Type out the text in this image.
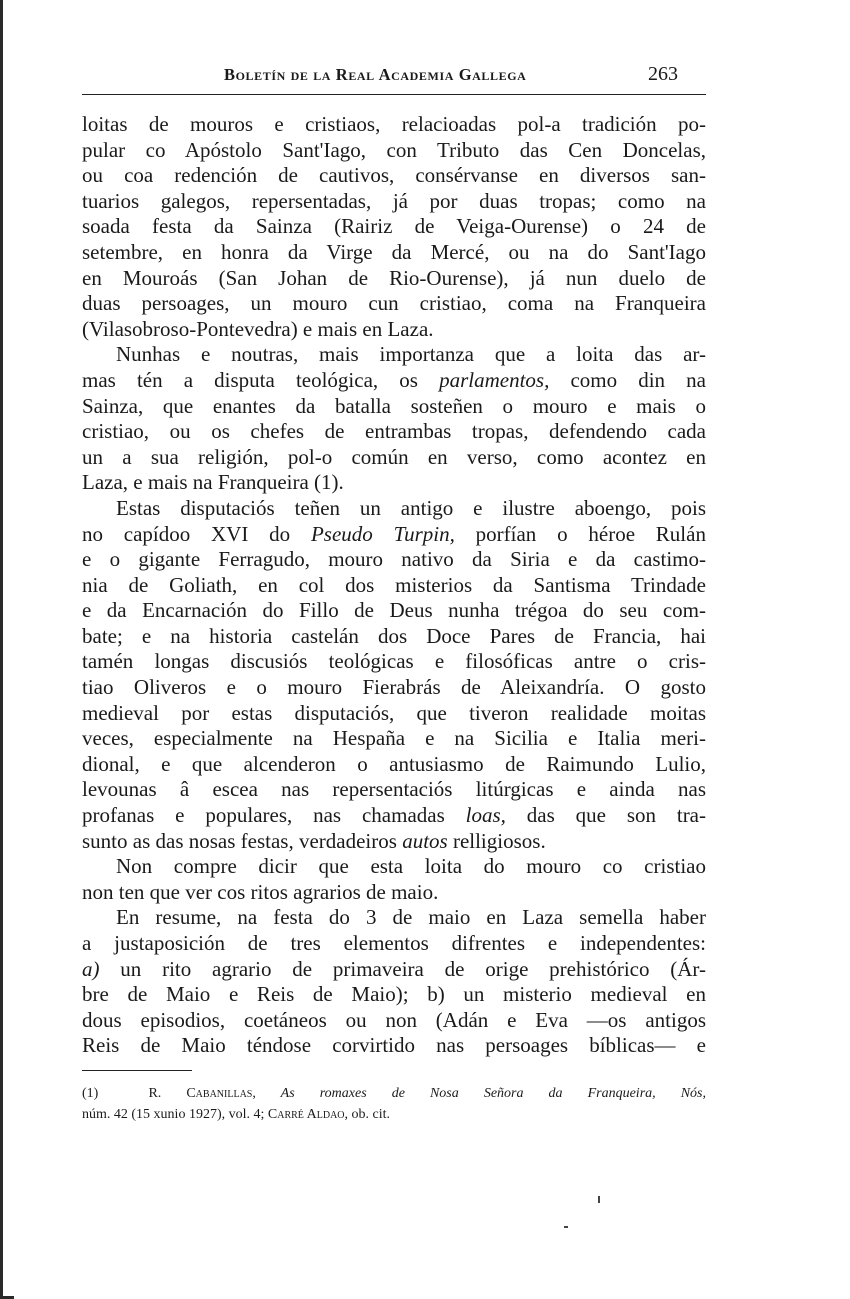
Boletín de la Real Academia Gallega	263
loitas de mouros e cristiaos, relacioadas pol-a tradición po-
pular co Apóstolo Sant'Iago, con Tributo das Cen Doncelas,
ou coa redención de cautivos, consérvanse en diversos san-
tuarios galegos, repersentadas, já por duas tropas; como na
soada festa da Sainza (Rairiz de Veiga-Ourense) o 24 de
setembre, en honra da Virge da Mercé, ou na do Sant'Iago
en Mouroás (San Johan de Rio-Ourense), já nun duelo de
duas persoages, un mouro cun cristiao, coma na Franqueira
(Vilasobroso-Pontevedra) e mais en Laza.
Nunhas e noutras, mais importanza que a loita das ar-
mas tén a disputa teológica, os parlamentos, como din na
Sainza, que enantes da batalla sosteñen o mouro e mais o
cristiao, ou os chefes de entrambas tropas, defendendo cada
un a sua religión, pol-o común en verso, como acontez en
Laza, e mais na Franqueira (1).
Estas disputaciós teñen un antigo e ilustre aboengo, pois
no capídoo XVI do Pseudo Turpin, porfían o héroe Rulán
e o gigante Ferragudo, mouro nativo da Siria e da castimo-
nia de Goliath, en col dos misterios da Santisma Trindade
e da Encarnación do Fillo de Deus nunha trégoa do seu com-
bate; e na historia castelán dos Doce Pares de Francia, hai
tamén longas discusiós teológicas e filosóficas antre o cris-
tiao Oliveros e o mouro Fierabrás de Aleixandría. O gosto
medieval por estas disputaciós, que tiveron realidade moitas
veces, especialmente na Hespaña e na Sicilia e Italia meri-
dional, e que alcenderon o antusiasmo de Raimundo Lulio,
levounas â escea nas repersentaciós litúrgicas e ainda nas
profanas e populares, nas chamadas loas, das que son tra-
sunto as das nosas festas, verdadeiros autos relligiosos.
Non compre dicir que esta loita do mouro co cristiao
non ten que ver cos ritos agrarios de maio.
En resume, na festa do 3 de maio en Laza semella haber
a justaposición de tres elementos difrentes e independentes:
a) un rito agrario de primaveira de orige prehistórico (Ár-
bre de Maio e Reis de Maio); b) un misterio medieval en
dous episodios, coetáneos ou non (Adán e Eva —os antigos
Reis de Maio téndose corvirtido nas persoages bíblicas— e
(1)  R. Cabanillas, As romaxes de Nosa Señora da Franqueira, Nós,
núm. 42 (15 xunio 1927), vol. 4; Carré Aldao, ob. cit.
